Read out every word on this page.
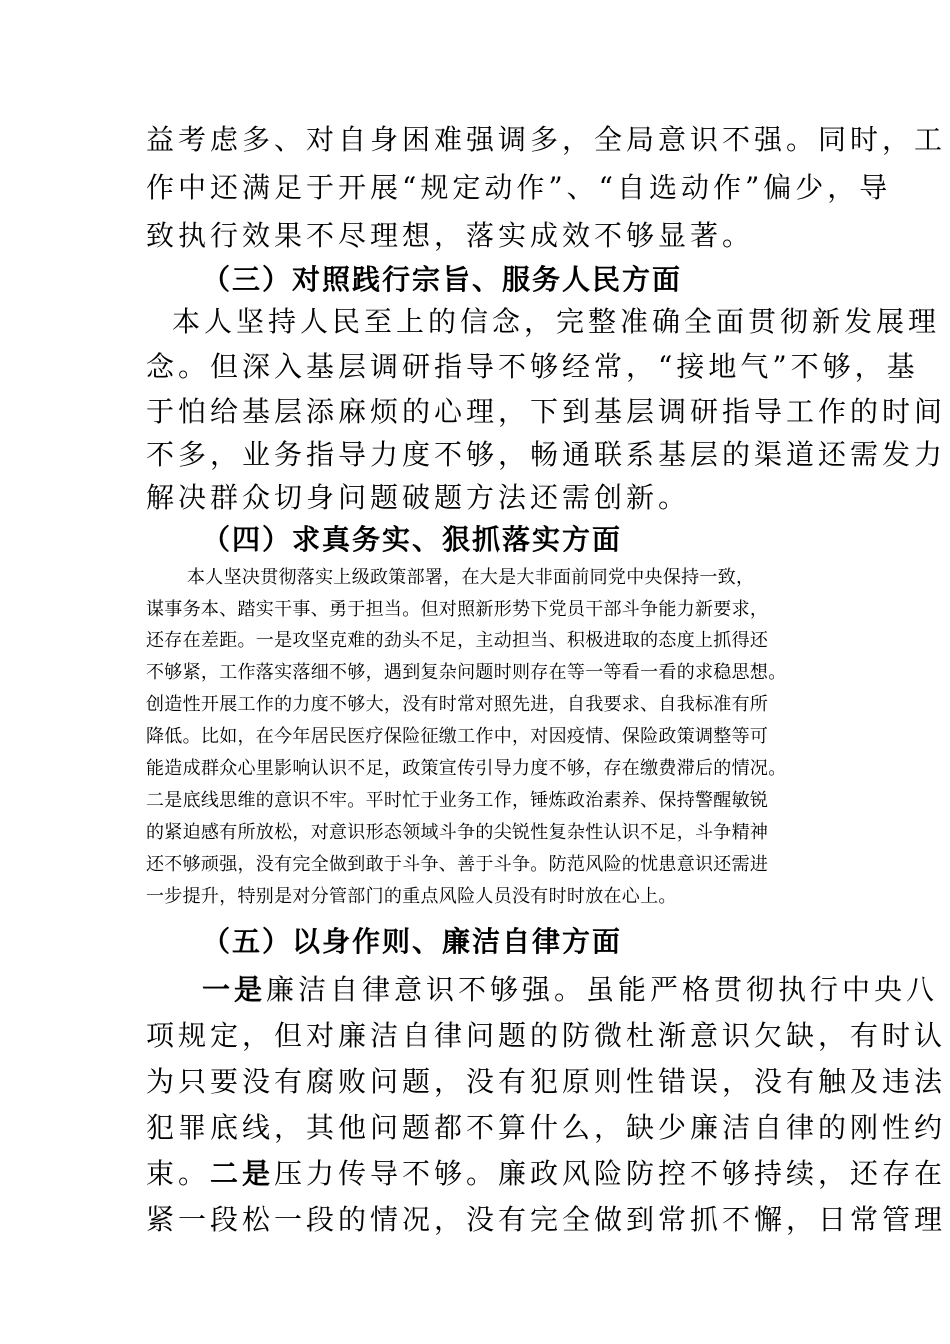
益考虑多、对自身困难强调多，全局意识不强。同时，工
作中还满足于开展“规定动作”、“自选动作”偏少，导
致执行效果不尽理想，落实成效不够显著。
（三）对照践行宗旨、服务人民方面
本人坚持人民至上的信念，完整准确全面贯彻新发展理
念。但深入基层调研指导不够经常，“接地气”不够，基
于怕给基层添麻烦的心理，下到基层调研指导工作的时间
不多，业务指导力度不够，畅通联系基层的渠道还需发力
解决群众切身问题破题方法还需创新。
（四）求真务实、狠抓落实方面
本人坚决贯彻落实上级政策部署，在大是大非面前同党中央保持一致，
谋事务本、踏实干事、勇于担当。但对照新形势下党员干部斗争能力新要求，
还存在差距。一是攻坚克难的劲头不足，主动担当、积极进取的态度上抓得还
不够紧，工作落实落细不够，遇到复杂问题时则存在等一等看一看的求稳思想。
创造性开展工作的力度不够大，没有时常对照先进，自我要求、自我标准有所
降低。比如，在今年居民医疗保险征缴工作中，对因疫情、保险政策调整等可
能造成群众心里影响认识不足，政策宣传引导力度不够，存在缴费滞后的情况。
二是底线思维的意识不牢。平时忙于业务工作，锤炼政治素养、保持警醒敏锐
的紧迫感有所放松，对意识形态领域斗争的尖锐性复杂性认识不足，斗争精神
还不够顽强，没有完全做到敢于斗争、善于斗争。防范风险的忧患意识还需进
一步提升，特别是对分管部门的重点风险人员没有时时放在心上。
（五）以身作则、廉洁自律方面
一是廉洁自律意识不够强。虽能严格贯彻执行中央八
项规定，但对廉洁自律问题的防微杜渐意识欠缺，有时认
为只要没有腐败问题，没有犯原则性错误，没有触及违法
犯罪底线，其他问题都不算什么，缺少廉洁自律的刚性约
束。二是压力传导不够。廉政风险防控不够持续，还存在
紧一段松一段的情况，没有完全做到常抓不懈，日常管理
